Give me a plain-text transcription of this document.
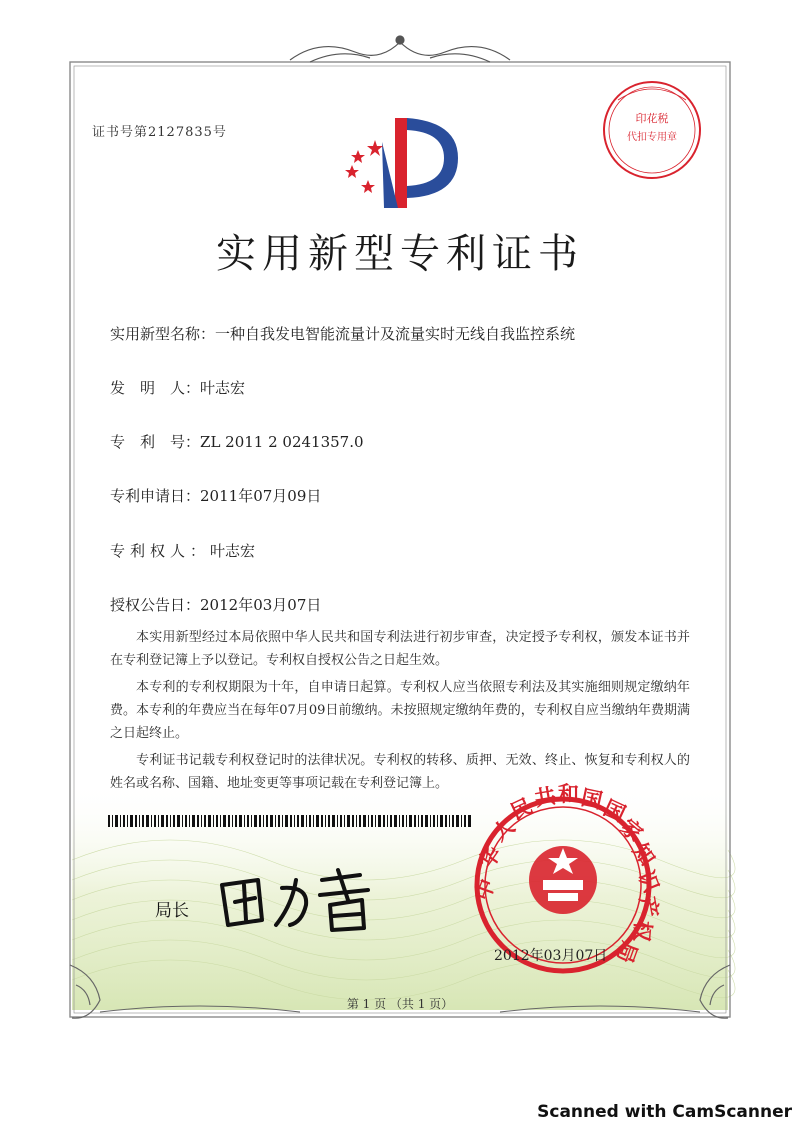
印花税
代扣专用章
中
华
人
民
共 和 国
国
家
知
识
产
权
局
证书号第2127835号
实用新型专利证书
实用新型名称：一种自我发电智能流量计及流量实时无线自我监控系统
发　明　人：叶志宏
专　利　号：ZL 2011 2 0241357.0
专利申请日：2011年07月09日
专利权人：叶志宏
授权公告日：2012年03月07日

本实用新型经过本局依照中华人民共和国专利法进行初步审查，决定授予专利权，颁发本证书并在专利登记簿上予以登记。专利权自授权公告之日起生效。

本专利的专利权期限为十年，自申请日起算。专利权人应当依照专利法及其实施细则规定缴纳年费。本专利的年费应当在每年07月09日前缴纳。未按照规定缴纳年费的，专利权自应当缴纳年费期满之日起终止。

专利证书记载专利权登记时的法律状况。专利权的转移、质押、无效、终止、恢复和专利权人的姓名或名称、国籍、地址变更等事项记载在专利登记簿上。

局长
2012年03月07日
第 1 页 （共 1 页）
Scanned with CamScanner
